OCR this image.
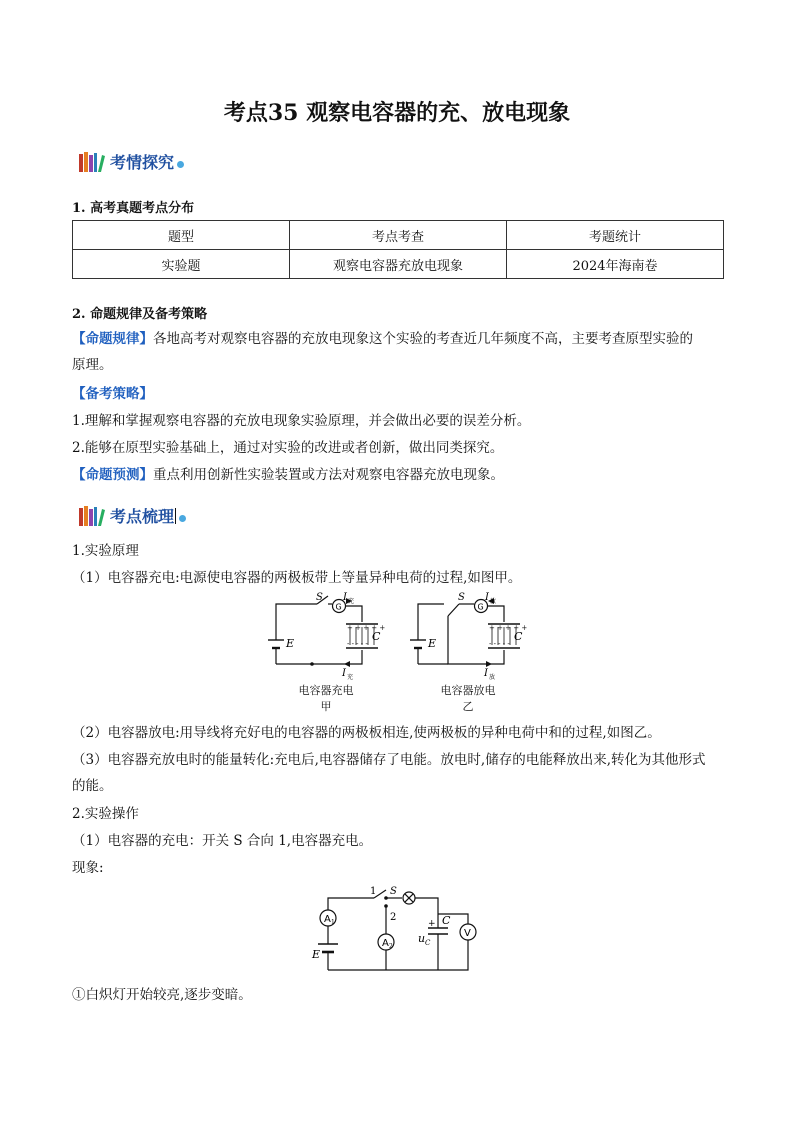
考点35 观察电容器的充、放电现象
考情探究
1. 高考真题考点分布
题型	考点考查	考题统计
实验题	观察电容器充放电现象	2024年海南卷
2. 命题规律及备考策略
【命题规律】各地高考对观察电容器的充放电现象这个实验的考查近几年频度不高，主要考查原型实验的
原理。
【备考策略】
1.理解和掌握观察电容器的充放电现象实验原理，并会做出必要的误差分析。
2.能够在原型实验基础上，通过对实验的改进或者创新，做出同类探究。
【命题预测】重点利用创新性实验装置或方法对观察电容器充放电现象。
考点梳理
1.实验原理
（1）电容器充电:电源使电容器的两极板带上等量异种电荷的过程,如图甲。
+ + + + +
- - - - -
S
G
E
C
I 充
I 充
电容器充电
甲
+ + + + +
- - - - -
S
G
E
C
I 放
I 放
电容器放电
乙
（2）电容器放电:用导线将充好电的电容器的两极板相连,使两极板的异种电荷中和的过程,如图乙。
（3）电容器充放电时的能量转化:充电后,电容器储存了电能。放电时,储存的电能释放出来,转化为其他形式
的能。
2.实验操作
（1）电容器的充电：开关 S 合向 1,电容器充电。
现象:
1 S
2
A 1
A 2
V
E
C
+
u C
①白炽灯开始较亮,逐步变暗。
